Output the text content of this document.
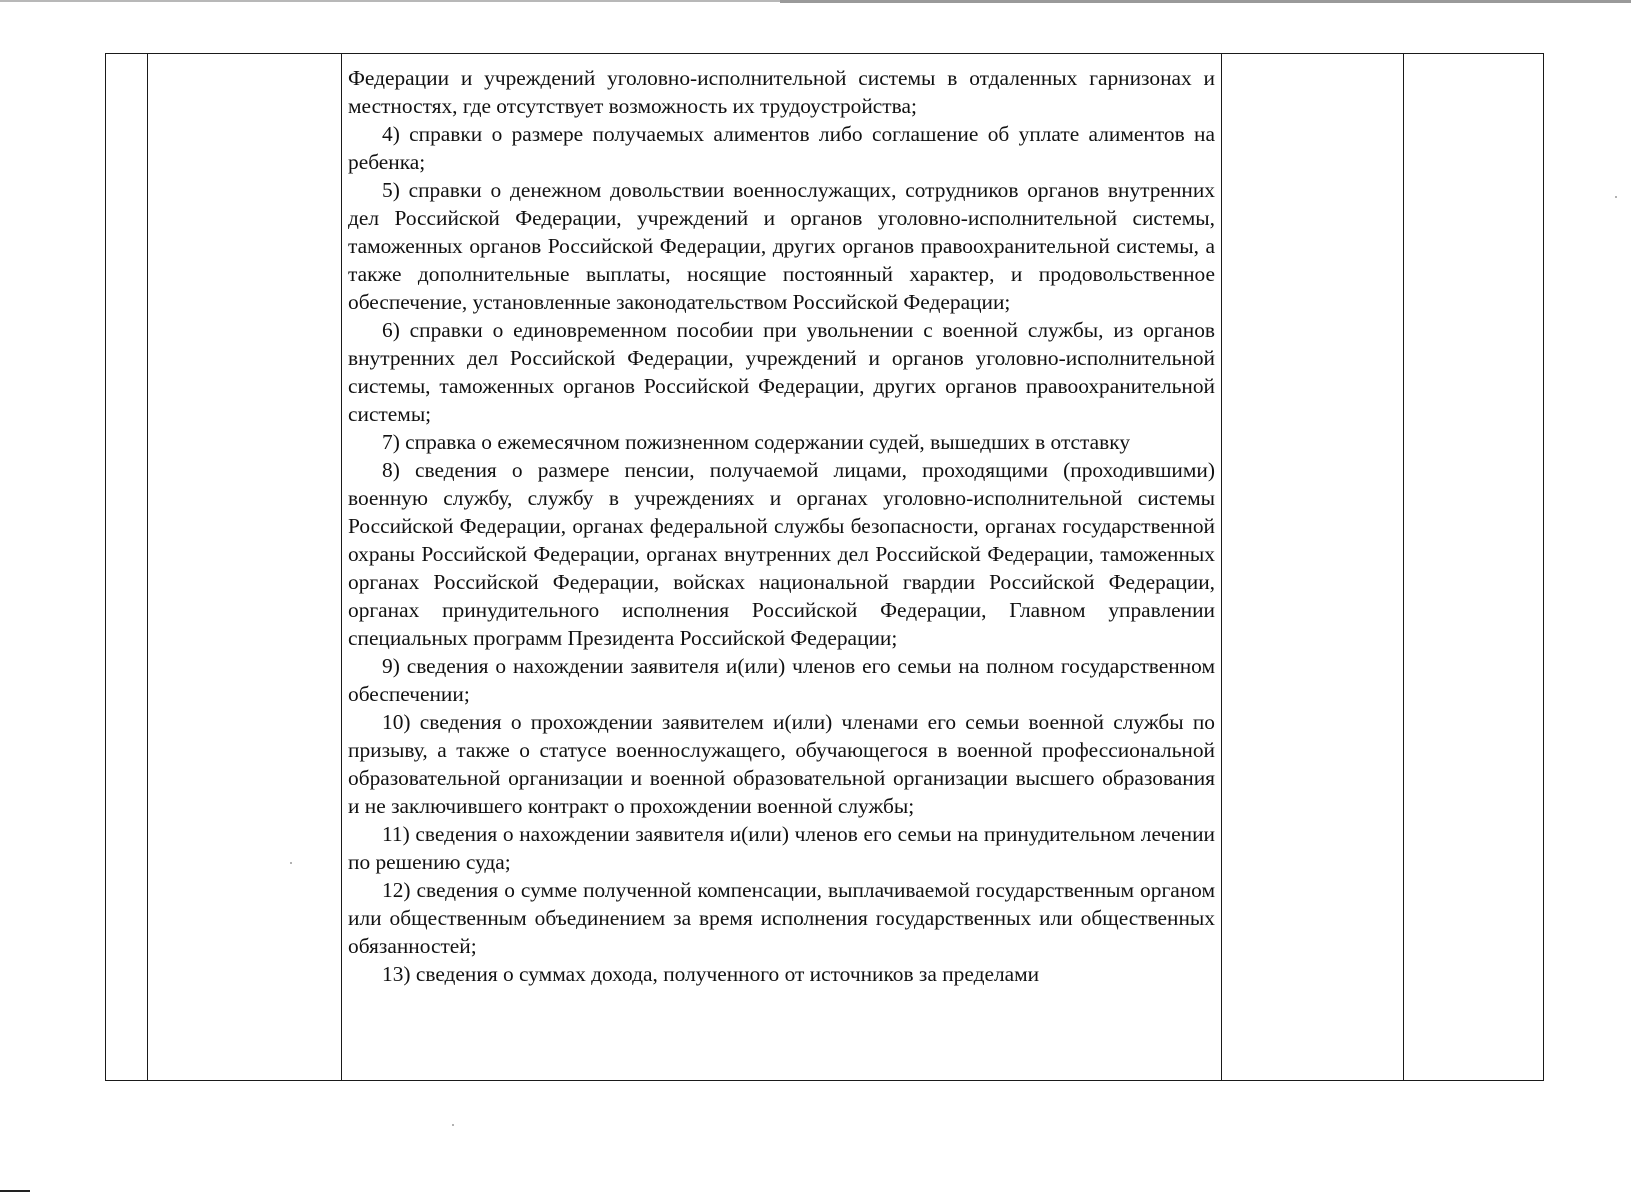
Федерации и учреждений уголовно-исполнительной системы в отдаленных гарнизонах и местностях, где отсутствует возможность их трудоустройства;

4) справки о размере получаемых алиментов либо соглашение об уплате алиментов на ребенка;

5) справки о денежном довольствии военнослужащих, сотрудников органов внутренних дел Российской Федерации, учреждений и органов уголовно-исполнительной системы, таможенных органов Российской Федерации, других органов правоохранительной системы, а также дополнительные выплаты, носящие постоянный характер, и продовольственное обеспечение, установленные законодательством Российской Федерации;

6) справки о единовременном пособии при увольнении с военной службы, из органов внутренних дел Российской Федерации, учреждений и органов уголовно-исполнительной системы, таможенных органов Российской Федерации, других органов правоохранительной системы;

7) справка о ежемесячном пожизненном содержании судей, вышедших в отставку

8) сведения о размере пенсии, получаемой лицами, проходящими (проходившими) военную службу, службу в учреждениях и органах уголовно-исполнительной системы Российской Федерации, органах федеральной службы безопасности, органах государственной охраны Российской Федерации, органах внутренних дел Российской Федерации, таможенных органах Российской Федерации, войсках национальной гвардии Российской Федерации, органах принудительного исполнения Российской Федерации, Главном управлении специальных программ Президента Российской Федерации;

9) сведения о нахождении заявителя и(или) членов его семьи на полном государственном обеспечении;

10) сведения о прохождении заявителем и(или) членами его семьи военной службы по призыву, а также о статусе военнослужащего, обучающегося в военной профессиональной образовательной организации и военной образовательной организации высшего образования и не заключившего контракт о прохождении военной службы;

11) сведения о нахождении заявителя и(или) членов его семьи на принудительном лечении по решению суда;

12) сведения о сумме полученной компенсации, выплачиваемой государственным органом или общественным объединением за время исполнения государственных или общественных обязанностей;

13) сведения о суммах дохода, полученного от источников за пределами
